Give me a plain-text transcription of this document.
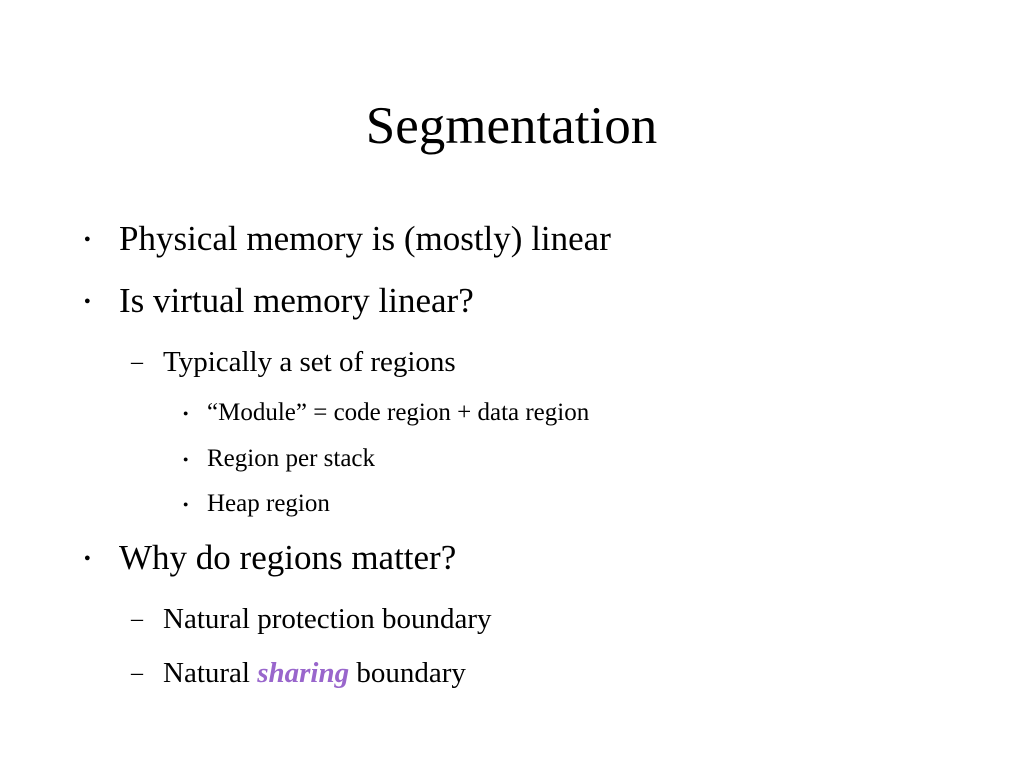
Segmentation
● Physical memory is (mostly) linear
● Is virtual memory linear?
– Typically a set of regions
● “Module” = code region + data region
● Region per stack
● Heap region
● Why do regions matter?
– Natural protection boundary
– Natural sharing boundary
